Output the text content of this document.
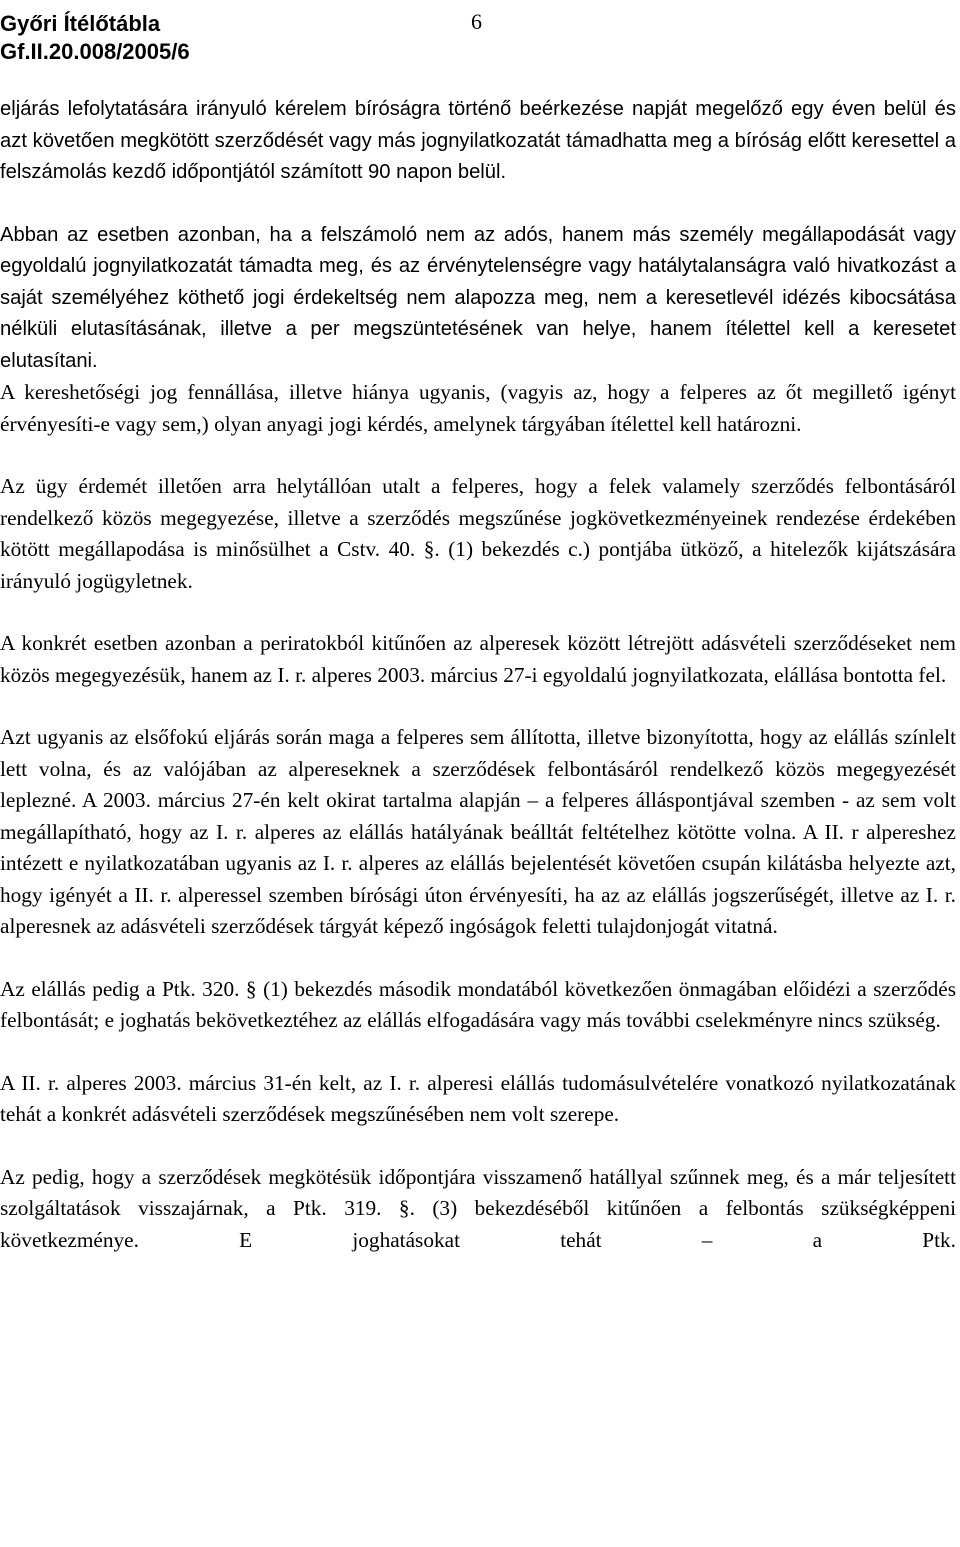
Győri Ítélőtábla
Gf.II.20.008/2005/6
6

eljárás lefolytatására irányuló kérelem bíróságra történő beérkezése napját megelőző egy éven belül és azt követően megkötött szerződését vagy más jognyilatkozatát támadhatta meg a bíróság előtt keresettel a felszámolás kezdő időpontjától számított 90 napon belül.

Abban az esetben azonban, ha a felszámoló nem az adós, hanem más személy megállapodását vagy egyoldalú jognyilatkozatát támadta meg, és az érvénytelenségre vagy hatálytalanságra való hivatkozást a saját személyéhez köthető jogi érdekeltség nem alapozza meg, nem a keresetlevél idézés kibocsátása nélküli elutasításának, illetve a per megszüntetésének van helye, hanem ítélettel kell a keresetet elutasítani.

A kereshetőségi jog fennállása, illetve hiánya ugyanis, (vagyis az, hogy a felperes az őt megillető igényt érvényesíti-e vagy sem,) olyan anyagi jogi kérdés, amelynek tárgyában ítélettel kell határozni.

Az ügy érdemét illetően arra helytállóan utalt a felperes, hogy a felek valamely szerződés felbontásáról rendelkező közös megegyezése, illetve a szerződés megszűnése jogkövetkezményeinek rendezése érdekében kötött megállapodása is minősülhet a Cstv. 40. §. (1) bekezdés c.) pontjába ütköző, a hitelezők kijátszására irányuló jogügyletnek.

A konkrét esetben azonban a periratokból kitűnően az alperesek között létrejött adásvételi szerződéseket nem közös megegyezésük, hanem az I. r. alperes 2003. március 27-i egyoldalú jognyilatkozata, elállása bontotta fel.

Azt ugyanis az elsőfokú eljárás során maga a felperes sem állította, illetve bizonyította, hogy az elállás színlelt lett volna, és az valójában az alpereseknek a szerződések felbontásáról rendelkező közös megegyezését leplezné. A 2003. március 27-én kelt okirat tartalma alapján – a felperes álláspontjával szemben - az sem volt megállapítható, hogy az I. r. alperes az elállás hatályának beálltát feltételhez kötötte volna. A II. r alpereshez intézett e nyilatkozatában ugyanis az I. r. alperes az elállás bejelentését követően csupán kilátásba helyezte azt, hogy igényét a II. r. alperessel szemben bírósági úton érvényesíti, ha az az elállás jogszerűségét, illetve az I. r. alperesnek az adásvételi szerződések tárgyát képező ingóságok feletti tulajdonjogát vitatná.

Az elállás pedig a Ptk. 320. § (1) bekezdés második mondatából következően önmagában előidézi a szerződés felbontását; e joghatás bekövetkeztéhez az elállás elfogadására vagy más további cselekményre nincs szükség.

A II. r. alperes 2003. március 31-én kelt, az I. r. alperesi elállás tudomásulvételére vonatkozó nyilatkozatának tehát a konkrét adásvételi szerződések megszűnésében nem volt szerepe.

Az pedig, hogy a szerződések megkötésük időpontjára visszamenő hatállyal szűnnek meg, és a már teljesített szolgáltatások visszajárnak, a Ptk. 319. §. (3) bekezdéséből kitűnően a felbontás szükségképpeni következménye. E joghatásokat tehát – a Ptk.
